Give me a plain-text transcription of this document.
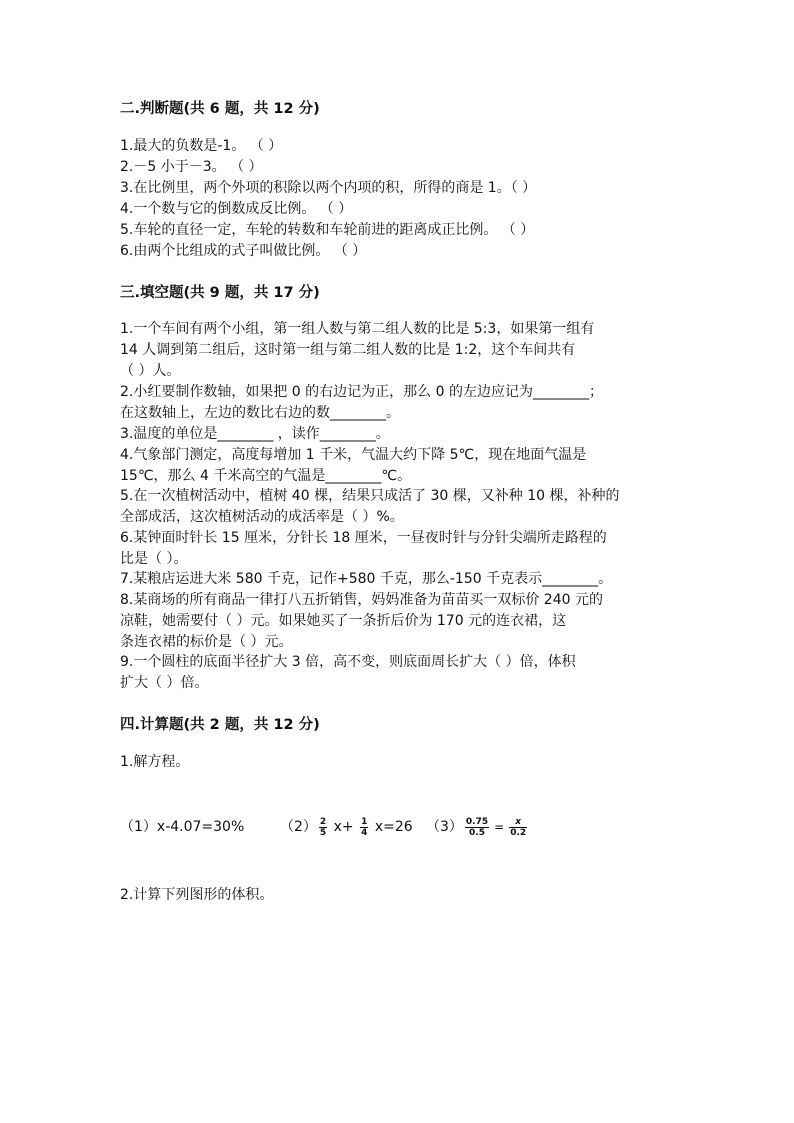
二.判断题(共 6 题，共 12 分)
1.最大的负数是-1。 （ ）
2.－5 小于－3。 （ ）
3.在比例里，两个外项的积除以两个内项的积，所得的商是 1。（ ）
4.一个数与它的倒数成反比例。 （ ）
5.车轮的直径一定，车轮的转数和车轮前进的距离成正比例。 （ ）
6.由两个比组成的式子叫做比例。 （ ）
三.填空题(共 9 题，共 17 分)
1.一个车间有两个小组，第一组人数与第二组人数的比是 5:3，如果第一组有
14 人调到第二组后，这时第一组与第二组人数的比是 1:2，这个车间共有
（ ）人。
2.小红要制作数轴，如果把 0 的右边记为正，那么 0 的左边应记为________；
在这数轴上，左边的数比右边的数________。
3.温度的单位是________ ，读作________。
4.气象部门测定，高度每增加 1 千米，气温大约下降 5℃，现在地面气温是
15℃，那么 4 千米高空的气温是________℃。
5.在一次植树活动中，植树 40 棵，结果只成活了 30 棵，又补种 10 棵，补种的
全部成活，这次植树活动的成活率是（ ）%。
6.某钟面时针长 15 厘米，分针长 18 厘米，一昼夜时针与分针尖端所走路程的
比是（ ）。
7.某粮店运进大米 580 千克，记作+580 千克，那么-150 千克表示________。
8.某商场的所有商品一律打八五折销售，妈妈准备为苗苗买一双标价 240 元的
凉鞋，她需要付（ ）元。如果她买了一条折后价为 170 元的连衣裙，这
条连衣裙的标价是（ ）元。
9.一个圆柱的底面半径扩大 3 倍，高不变，则底面周长扩大（ ）倍，体积
扩大（ ）倍。
四.计算题(共 2 题，共 12 分)
1.解方程。
（1）x-4.07=30%	$(2) \frac{2}{5} x+ \frac{1}{4} x=26$ $(3) \frac{0.75}{0.5} = \frac{x}{0.2}$
2.计算下列图形的体积。
